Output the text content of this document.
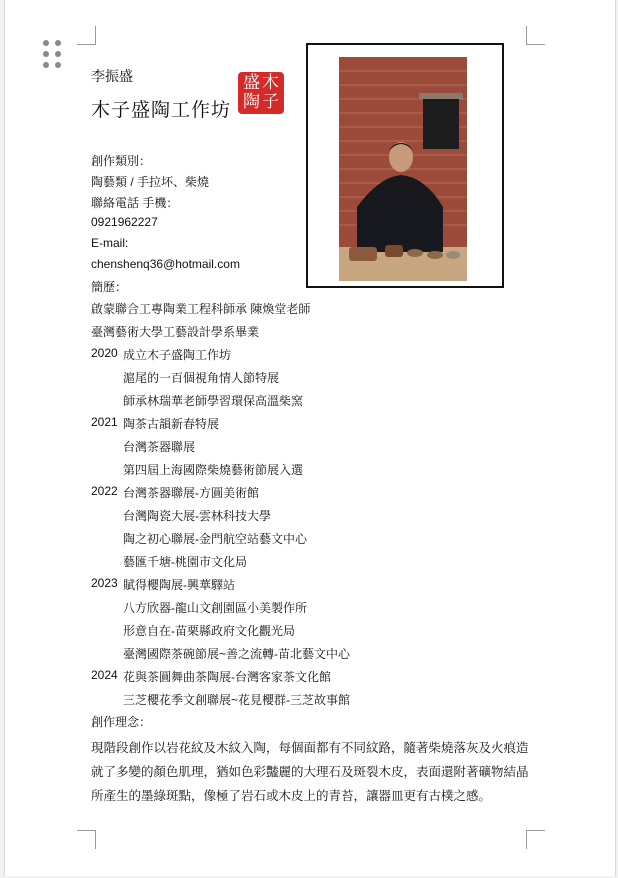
李振盛
木子盛陶工作坊
木
子
盛
陶
創作類別：
陶藝類 / 手拉坏、柴燒
聯絡電話 手機：
0921962227
E-mail:
chenshenq36@hotmail.com
簡歷：
啟蒙聯合工專陶業工程科師承 陳煥堂老師
臺灣藝術大學工藝設計學系畢業
2020 成立木子盛陶工作坊
滬尾的一百個視角情人節特展
師承林瑞華老師學習環保高溫柴窯
2021 陶茶古韻新春特展
台灣茶器聯展
第四屆上海國際柴燒藝術節展入選
2022 台灣茶器聯展-方圓美術館
台灣陶瓷大展-雲林科技大學
陶之初心聯展-金門航空站藝文中心
藝匯千塘-桃園市文化局
2023 賦得櫻陶展-興華驛站
八方欣器-龍山文創園區小美製作所
形意自在-苗栗縣政府文化觀光局
臺灣國際茶碗節展~善之流轉-苗北藝文中心
2024 花與茶圓舞曲茶陶展-台灣客家茶文化館
三芝櫻花季文創聯展~花見櫻群-三芝故事館
創作理念：
現階段創作以岩花紋及木紋入陶，每個面都有不同紋路，隨著柴燒落灰及火痕造
就了多變的顏色肌理，猶如色彩豔麗的大理石及斑裂木皮，表面還附著礦物結晶
所產生的墨綠斑點，像極了岩石或木皮上的青苔，讓器皿更有古樸之感。
